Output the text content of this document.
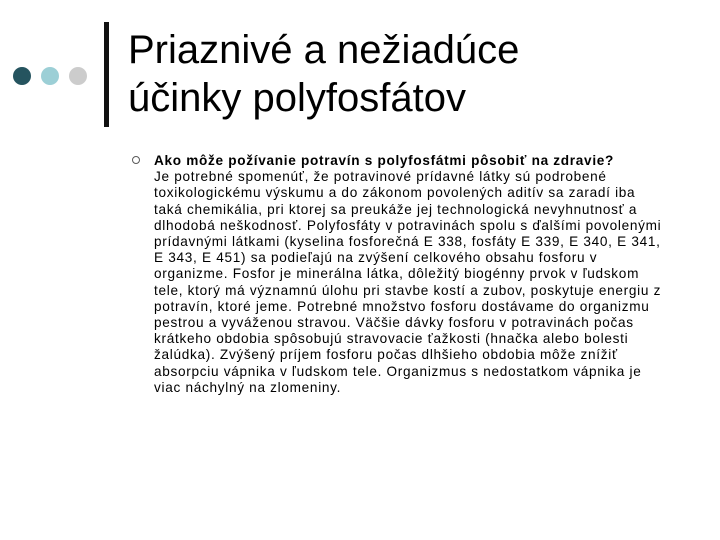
Priaznivé a nežiadúce
účinky polyfosfátov
Ako môže požívanie potravín s polyfosfátmi pôsobiť na zdravie?
Je potrebné spomenúť, že potravinové prídavné látky sú podrobené toxikologickému výskumu a do zákonom povolených aditív sa zaradí iba taká chemikália, pri ktorej sa preukáže jej technologická nevyhnutnosť a dlhodobá neškodnosť. Polyfosfáty v potravinách spolu s ďalšími povolenými prídavnými látkami (kyselina fosforečná E 338, fosfáty E 339, E 340, E 341, E 343, E 451) sa podieľajú na zvýšení celkového obsahu fosforu v organizme. Fosfor je minerálna látka, dôležitý biogénny prvok v ľudskom tele, ktorý má významnú úlohu pri stavbe kostí a zubov, poskytuje energiu z potravín, ktoré jeme. Potrebné množstvo fosforu dostávame do organizmu pestrou a vyváženou stravou. Väčšie dávky fosforu v potravinách počas krátkeho obdobia spôsobujú stravovacie ťažkosti (hnačka alebo bolesti žalúdka). Zvýšený príjem fosforu počas dlhšieho obdobia môže znížiť absorpciu vápnika v ľudskom tele. Organizmus s nedostatkom vápnika je viac náchylný na zlomeniny.
